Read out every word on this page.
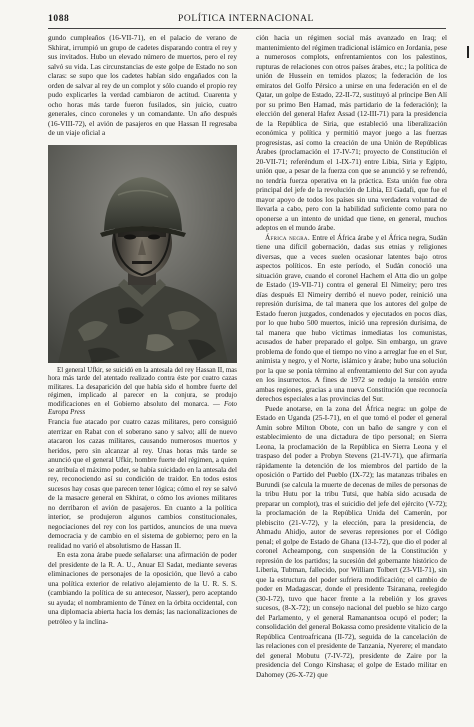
1088	POLÍTICA INTERNACIONAL

gundo cumpleaños (16-VII-71), en el palacio de verano de Skhirat, irrumpió un grupo de cadetes disparando contra el rey y sus invitados. Hubo un elevado número de muertos, pero el rey salvó su vida. Las circunstancias de este golpe de Estado no son claras: se supo que los cadetes habían sido engañados con la orden de salvar al rey de un complot y sólo cuando el propio rey pudo explicarles la verdad cambiaron de actitud. Cuarenta y ocho horas más tarde fueron fusilados, sin juicio, cuatro generales, cinco coroneles y un comandante. Un año después (16-VIII-72), el avión de pasajeros en que Hassan II regresaba de un viaje oficial a

El general Ufkir, se suicidó en la antesala del rey Hassan II, mas hora más tarde del atentado realizado contra éste por cuatro cazas militares. La desaparición del que había sido el hombre fuerte del régimen, implicado al parecer en la conjura, se produjo modificaciones en el Gobierno absoluto del monarca. — Foto Europa Press

Francia fue atacado por cuatro cazas militares, pero consiguió aterrizar en Rabat con el soberano sano y salvo; allí de nuevo atacaron los cazas militares, causando numerosos muertos y heridos, pero sin alcanzar al rey. Unas horas más tarde se anunció que el general Ufkir, hombre fuerte del régimen, a quien se atribuía el máximo poder, se había suicidado en la antesala del rey, reconociendo así su condición de traidor. En todos estos sucesos hay cosas que parecen tener lógica; cómo el rey se salvó de la masacre general en Skhirat, o cómo los aviones militares no derribaron el avión de pasajeros. En cuanto a la política interior, se produjeron algunos cambios constitucionales, negociaciones del rey con los partidos, anuncios de una nueva democracia y de cambio en el sistema de gobierno; pero en la realidad no varió el absolutismo de Hassan II.

En esta zona árabe puede señalarse: una afirmación de poder del presidente de la R. A. U., Anuar El Sadat, mediante severas eliminaciones de personajes de la oposición, que llevó a cabo una política exterior de relativo alejamiento de la U. R. S. S. (cambiando la política de su antecesor, Nasser), pero aceptando su ayuda; el nombramiento de Túnez en la órbita occidental, con una diplomacia abierta hacia los demás; las nacionalizaciones de petróleo y la inclina-

ción hacia un régimen social más avanzado en Iraq; el mantenimiento del régimen tradicional islámico en Jordania, pese a numerosos complots, enfrentamientos con los palestinos, rupturas de relaciones con otros países árabes, etc.; la política de unión de Hussein en temidos plazos; la federación de los emiratos del Golfo Pérsico a unirse en una federación en el de Qatar, un golpe de Estado, 22-II-72, sustituyó al príncipe Ben Alí por su primo Ben Hamad, más partidario de la federación); la elección del general Hafez Assad (12-III-71) para la presidencia de la República de Siria, que estableció una liberalización económica y política y permitió mayor juego a las fuerzas progresistas, así como la creación de una Unión de Repúblicas Árabes (proclamación el 17-IV-71; proyecto de Constitución el 20-VII-71; referéndum el 1-IX-71) entre Libia, Siria y Egipto, unión que, a pesar de la fuerza con que se anunció y se refrendó, no tendría fuerza operativa en la práctica. Esta unión fue obra principal del jefe de la revolución de Libia, El Gadafi, que fue el mayor apoyo de todos los países sin una verdadera voluntad de llevarla a cabo, pero con la habilidad suficiente como para no oponerse a un intento de unidad que tiene, en general, muchos adeptos en el mundo árabe.

África negra. Entre el África árabe y el África negra, Sudán tiene una difícil gobernación, dadas sus etnias y religiones diversas, que a veces suelen ocasionar latentes bajo otros aspectos políticos. En este período, el Sudán conoció una situación grave, cuando el coronel Hachem el Atta dio un golpe de Estado (19-VII-71) contra el general El Nimeiry; pero tres días después El Nimeiry derribó el nuevo poder, reinició una represión durísima, de tal manera que los autores del golpe de Estado fueron juzgados, condenados y ejecutados en pocos días, por lo que hubo 500 muertos, inició una represión durísima, de tal manera que hubo víctimas inmediatas los comunistas, acusados de haber preparado el golpe. Sin embargo, un grave problema de fondo que el tiempo no vino a arreglar fue en el Sur, animista y negro, y el Norte, islámico y árabe; hubo una solución por la que se ponía término al enfrentamiento del Sur con ayuda en los insurrectos. A fines de 1972 se redujo la tensión entre ambas regiones, gracias a una nueva Constitución que reconocía derechos especiales a las provincias del Sur.

Puede anotarse, en la zona del África negra: un golpe de Estado en Uganda (25-I-71), en el que tomó el poder el general Amin sobre Milton Obote, con un baño de sangre y con el establecimiento de una dictadura de tipo personal; en Sierra Leona, la proclamación de la República en Sierra Leona y el traspaso del poder a Probyn Stevens (21-IV-71), que afirmaría rápidamente la detención de los miembros del partido de la oposición o Partido del Pueblo (IX-72); las matanzas tribales en Burundi (se calcula la muerte de decenas de miles de personas de la tribu Hutu por la tribu Tutsi, que había sido acusada de preparar un complot), tras el suicidio del jefe del ejército (V-72); la proclamación de la República Unida del Camerún, por plebiscito (21-V-72), y la elección, para la presidencia, de Ahmadu Ahidjo, autor de severas represiones por el Código penal; el golpe de Estado de Ghana (13-I-72), que dio el poder al coronel Acheampong, con suspensión de la Constitución y represión de los partidos; la sucesión del gobernante histórico de Liberia, Tubman, fallecido, por William Tolbert (23-VII-71), sin que la estructura del poder sufriera modificación; el cambio de poder en Madagascar, donde el presidente Tsiranana, reelegido (30-I-72), tuvo que hacer frente a la rebelión y los graves sucesos, (8-X-72); un consejo nacional del pueblo se hizo cargo del Parlamento, y el general Ramanantsoa ocupó el poder; la consolidación del general Bokassa como presidente vitalicio de la República Centroafricana (II-72), seguida de la cancelación de las relaciones con el presidente de Tanzania, Nyerere; el mandato del general Mobutu (7-IV-72), presidente de Zaire por la presidencia del Congo Kinshasa; el golpe de Estado militar en Dahomey (26-X-72) que
